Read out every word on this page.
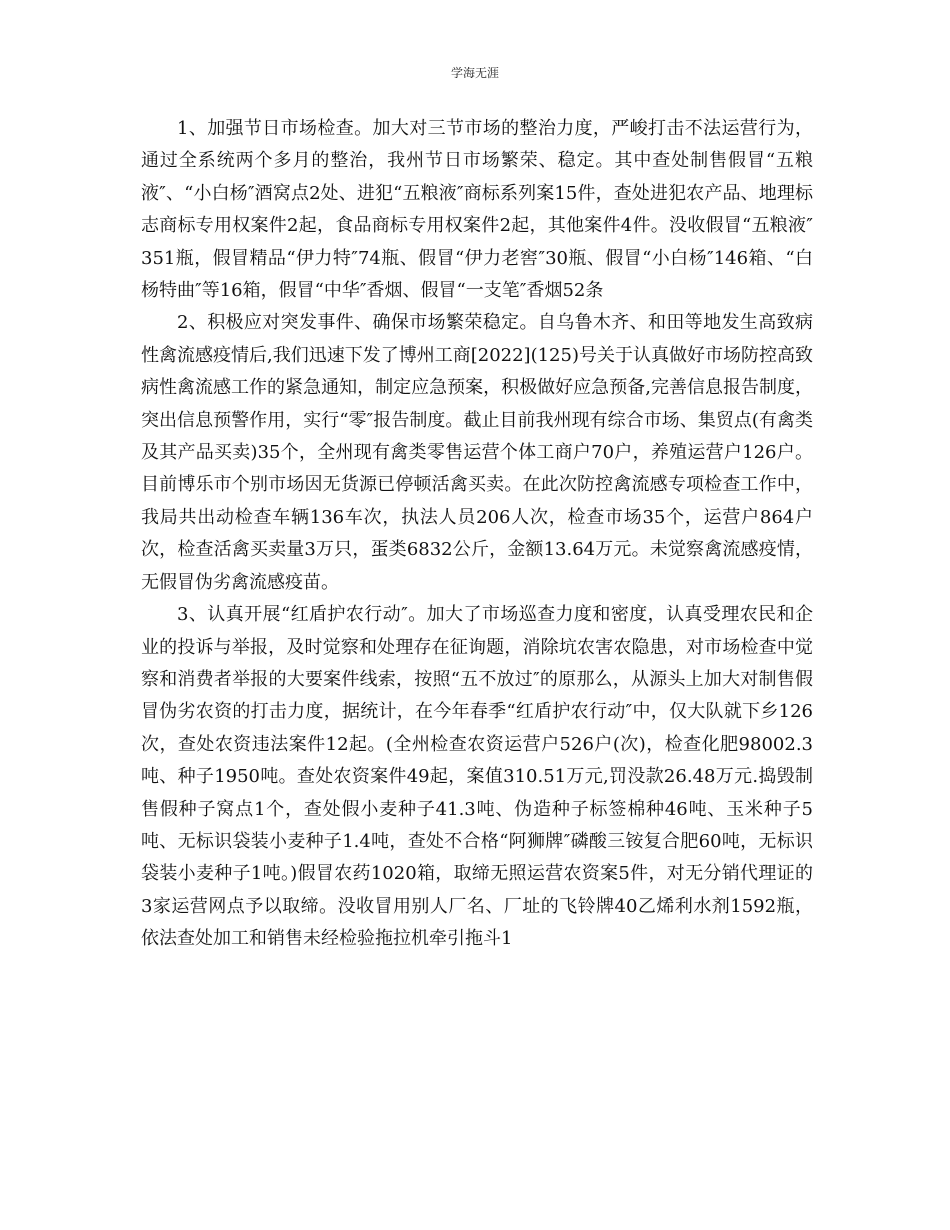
学海无涯

1、加强节日市场检查。加大对三节市场的整治力度，严峻打击不法运营行为，通过全系统两个多月的整治，我州节日市场繁荣、稳定。其中查处制售假冒“五粮液″、“小白杨″酒窝点2处、进犯“五粮液″商标系列案15件，查处进犯农产品、地理标志商标专用权案件2起，食品商标专用权案件2起，其他案件4件。没收假冒“五粮液″351瓶，假冒精品“伊力特″74瓶、假冒“伊力老窖″30瓶、假冒“小白杨″146箱、“白杨特曲″等16箱，假冒“中华″香烟、假冒“一支笔″香烟52条

2、积极应对突发事件、确保市场繁荣稳定。自乌鲁木齐、和田等地发生高致病性禽流感疫情后,我们迅速下发了博州工商[2022](125)号关于认真做好市场防控高致病性禽流感工作的紧急通知，制定应急预案，积极做好应急预备,完善信息报告制度，突出信息预警作用，实行“零″报告制度。截止目前我州现有综合市场、集贸点(有禽类及其产品买卖)35个，全州现有禽类零售运营个体工商户70户，养殖运营户126户。目前博乐市个别市场因无货源已停顿活禽买卖。在此次防控禽流感专项检查工作中，我局共出动检查车辆136车次，执法人员206人次，检查市场35个，运营户864户次，检查活禽买卖量3万只，蛋类6832公斤，金额13.64万元。未觉察禽流感疫情，无假冒伪劣禽流感疫苗。

3、认真开展“红盾护农行动″。加大了市场巡查力度和密度，认真受理农民和企业的投诉与举报，及时觉察和处理存在征询题，消除坑农害农隐患，对市场检查中觉察和消费者举报的大要案件线索，按照“五不放过″的原那么，从源头上加大对制售假冒伪劣农资的打击力度，据统计，在今年春季“红盾护农行动″中，仅大队就下乡126次，查处农资违法案件12起。(全州检查农资运营户526户(次)，检查化肥98002.3吨、种子1950吨。查处农资案件49起，案值310.51万元,罚没款26.48万元.捣毁制售假种子窝点1个，查处假小麦种子41.3吨、伪造种子标签棉种46吨、玉米种子5吨、无标识袋装小麦种子1.4吨，查处不合格“阿狮牌″磷酸三铵复合肥60吨，无标识袋装小麦种子1吨。)假冒农药1020箱，取缔无照运营农资案5件，对无分销代理证的3家运营网点予以取缔。没收冒用别人厂名、厂址的飞铃牌40乙烯利水剂1592瓶，依法查处加工和销售未经检验拖拉机牵引拖斗1
